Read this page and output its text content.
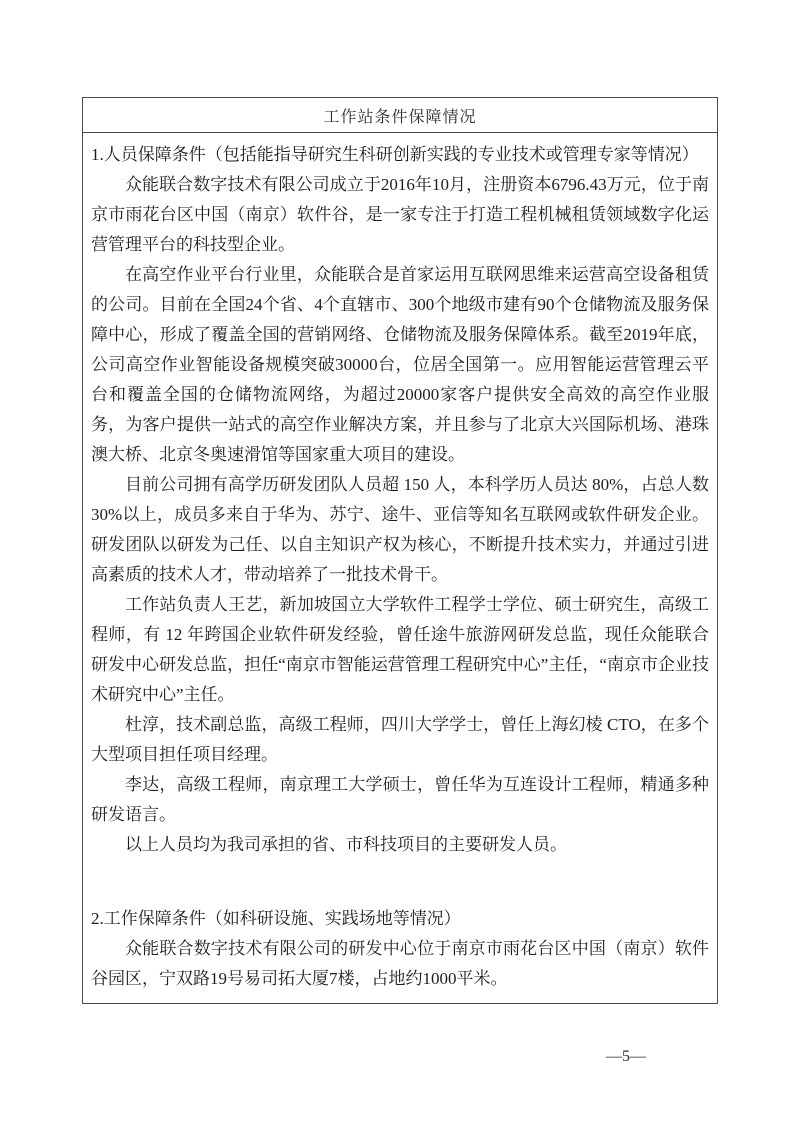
工作站条件保障情况

1.人员保障条件（包括能指导研究生科研创新实践的专业技术或管理专家等情况）

众能联合数字技术有限公司成立于2016年10月，注册资本6796.43万元，位于南京市雨花台区中国（南京）软件谷，是一家专注于打造工程机械租赁领域数字化运营管理平台的科技型企业。

在高空作业平台行业里，众能联合是首家运用互联网思维来运营高空设备租赁的公司。目前在全国24个省、4个直辖市、300个地级市建有90个仓储物流及服务保障中心，形成了覆盖全国的营销网络、仓储物流及服务保障体系。截至2019年底，公司高空作业智能设备规模突破30000台，位居全国第一。应用智能运营管理云平台和覆盖全国的仓储物流网络，为超过20000家客户提供安全高效的高空作业服务，为客户提供一站式的高空作业解决方案，并且参与了北京大兴国际机场、港珠澳大桥、北京冬奥速滑馆等国家重大项目的建设。

目前公司拥有高学历研发团队人员超 150 人，本科学历人员达 80%，占总人数 30%以上，成员多来自于华为、苏宁、途牛、亚信等知名互联网或软件研发企业。研发团队以研发为己任、以自主知识产权为核心，不断提升技术实力，并通过引进高素质的技术人才，带动培养了一批技术骨干。

工作站负责人王艺，新加坡国立大学软件工程学士学位、硕士研究生，高级工程师，有 12 年跨国企业软件研发经验，曾任途牛旅游网研发总监，现任众能联合研发中心研发总监，担任“南京市智能运营管理工程研究中心”主任，“南京市企业技术研究中心”主任。

杜淳，技术副总监，高级工程师，四川大学学士，曾任上海幻棱 CTO，在多个大型项目担任项目经理。

李达，高级工程师，南京理工大学硕士，曾任华为互连设计工程师，精通多种研发语言。

以上人员均为我司承担的省、市科技项目的主要研发人员。

2.工作保障条件（如科研设施、实践场地等情况）

众能联合数字技术有限公司的研发中心位于南京市雨花台区中国（南京）软件谷园区，宁双路19号易司拓大厦7楼，占地约1000平米。

—5—
